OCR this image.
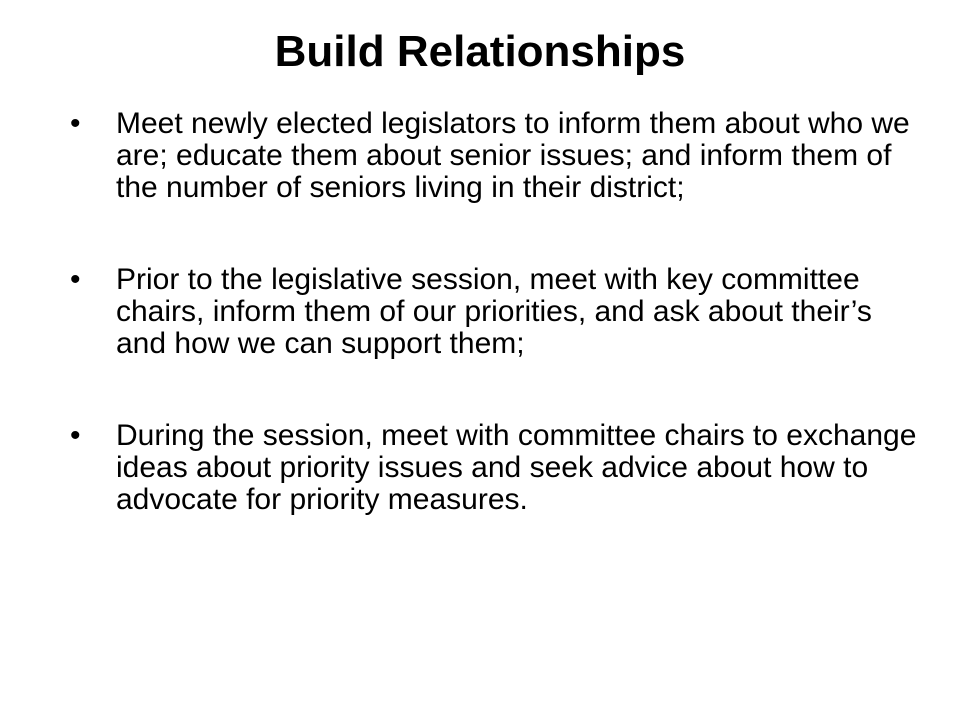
Build Relationships
•	Meet newly elected legislators to inform them about who we are; educate them about senior issues; and inform them of the number of seniors living in their district;
•	Prior to the legislative session, meet with key committee chairs, inform them of our priorities, and ask about their’s and how we can support them;
•	During the session, meet with committee chairs to exchange ideas about priority issues and seek advice about how to advocate for priority measures.
